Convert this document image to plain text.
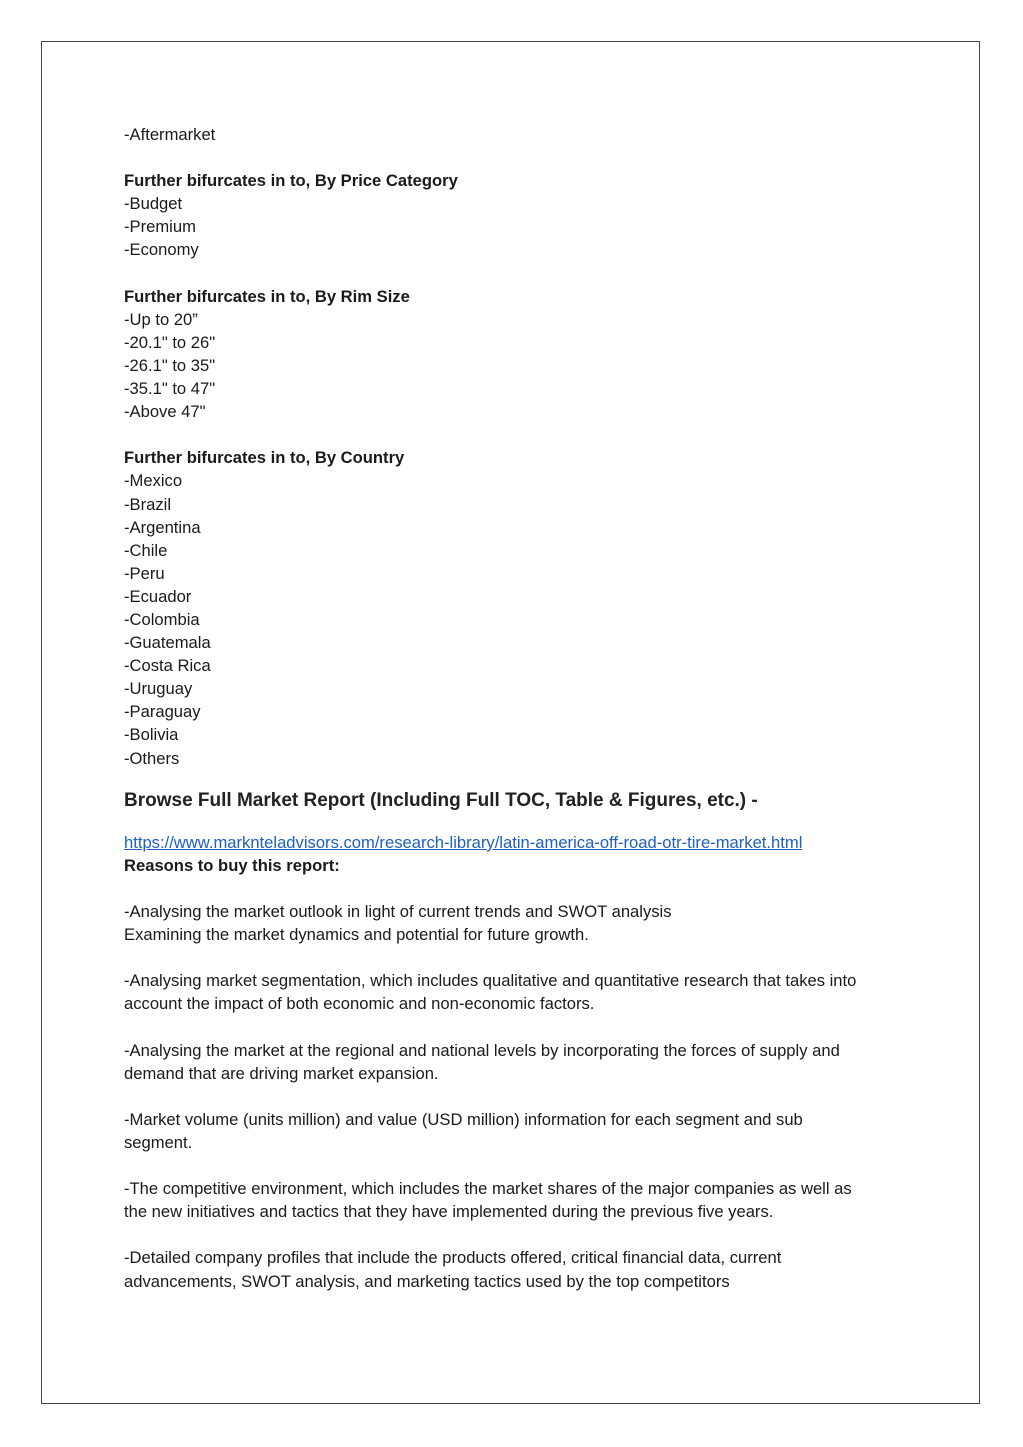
-Aftermarket

Further bifurcates in to, By Price Category

-Budget

-Premium

-Economy

Further bifurcates in to, By Rim Size

-Up to 20”

-20.1" to 26"

-26.1" to 35"

-35.1" to 47"

-Above 47"

Further bifurcates in to, By Country

-Mexico

-Brazil

-Argentina

-Chile

-Peru

-Ecuador

-Colombia

-Guatemala

-Costa Rica

-Uruguay

-Paraguay

-Bolivia

-Others

Browse Full Market Report (Including Full TOC, Table & Figures, etc.) -

https://www.marknteladvisors.com/research-library/latin-america-off-road-otr-tire-market.html

Reasons to buy this report:

-Analysing the market outlook in light of current trends and SWOT analysis

Examining the market dynamics and potential for future growth.

-Analysing market segmentation, which includes qualitative and quantitative research that takes into

account the impact of both economic and non-economic factors.

-Analysing the market at the regional and national levels by incorporating the forces of supply and

demand that are driving market expansion.

-Market volume (units million) and value (USD million) information for each segment and sub

segment.

-The competitive environment, which includes the market shares of the major companies as well as

the new initiatives and tactics that they have implemented during the previous five years.

-Detailed company profiles that include the products offered, critical financial data, current

advancements, SWOT analysis, and marketing tactics used by the top competitors
